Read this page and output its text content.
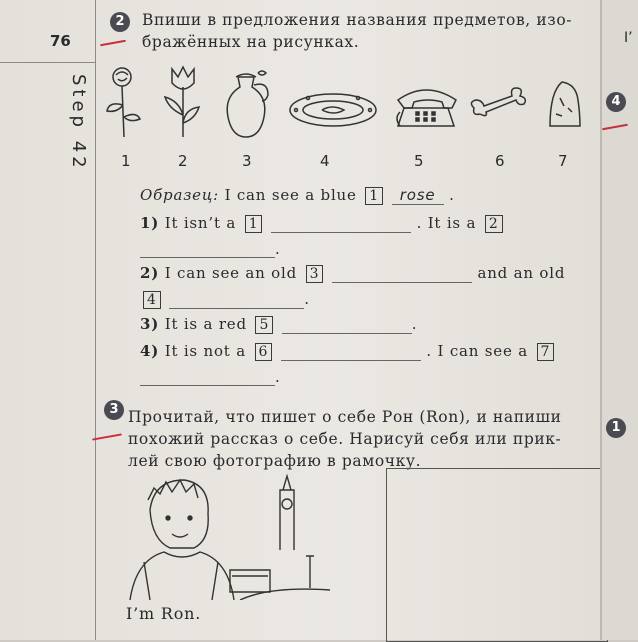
76
Step 42
2	Впиши в предложения названия предметов, изо-
бражённых на рисунках.
1	2	3	4	5	6	7
Образец: I can see a blue 1 rose .
1) It isn’t a 1	. It is a 2
.
2) I can see an old 3	and an old
4	.
3) It is a red 5	.
4) It is not a 6	. I can see a 7
.
3 Прочитай, что пишет о себе Рон (Ron), и напиши
похожий рассказ о себе. Нарисуй себя или прик-
лей свою фотографию в рамочку.
I’m Ron.
I’
4
1
